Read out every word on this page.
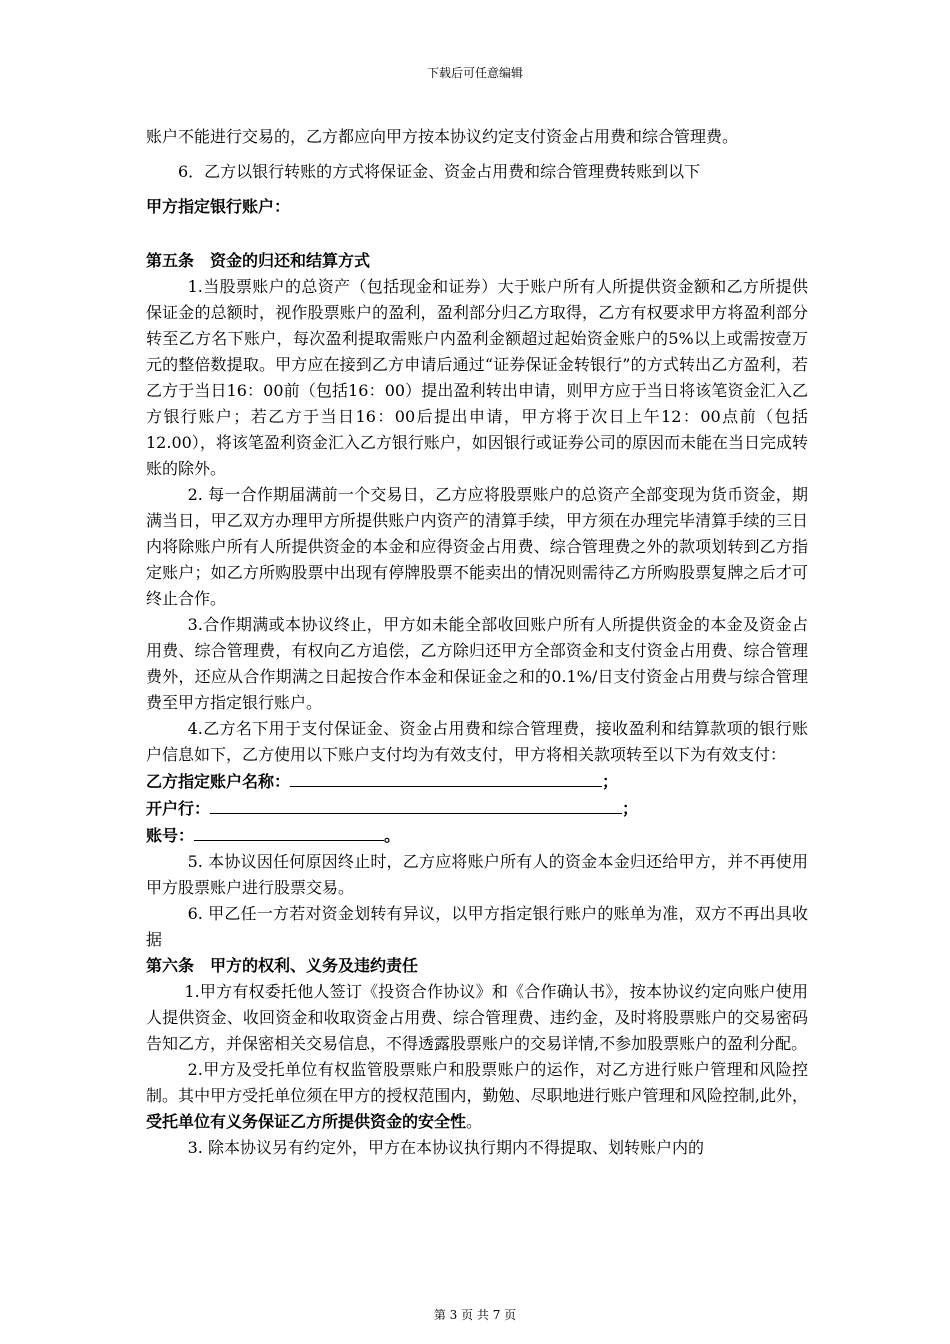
下载后可任意编辑

账户不能进行交易的，乙方都应向甲方按本协议约定支付资金占用费和综合管理费。

6．乙方以银行转账的方式将保证金、资金占用费和综合管理费转账到以下

甲方指定银行账户：

第五条　资金的归还和结算方式

1.当股票账户的总资产（包括现金和证券）大于账户所有人所提供资金额和乙方所提供保证金的总额时，视作股票账户的盈利，盈利部分归乙方取得，乙方有权要求甲方将盈利部分转至乙方名下账户，每次盈利提取需账户内盈利金额超过起始资金账户的5%以上或需按壹万元的整倍数提取。甲方应在接到乙方申请后通过“证券保证金转银行”的方式转出乙方盈利，若乙方于当日16：00前（包括16：00）提出盈利转出申请，则甲方应于当日将该笔资金汇入乙方银行账户；若乙方于当日16：00后提出申请，甲方将于次日上午12：00点前（包括12.00），将该笔盈利资金汇入乙方银行账户，如因银行或证券公司的原因而未能在当日完成转账的除外。

2. 每一合作期届满前一个交易日，乙方应将股票账户的总资产全部变现为货币资金，期满当日，甲乙双方办理甲方所提供账户内资产的清算手续，甲方须在办理完毕清算手续的三日内将除账户所有人所提供资金的本金和应得资金占用费、综合管理费之外的款项划转到乙方指定账户；如乙方所购股票中出现有停牌股票不能卖出的情况则需待乙方所购股票复牌之后才可终止合作。

3.合作期满或本协议终止，甲方如未能全部收回账户所有人所提供资金的本金及资金占用费、综合管理费，有权向乙方追偿，乙方除归还甲方全部资金和支付资金占用费、综合管理费外，还应从合作期满之日起按合作本金和保证金之和的0.1%/日支付资金占用费与综合管理费至甲方指定银行账户。

4.乙方名下用于支付保证金、资金占用费和综合管理费，接收盈利和结算款项的银行账户信息如下，乙方使用以下账户支付均为有效支付，甲方将相关款项转至以下为有效支付：

乙方指定账户名称：	；

开户行：	；

账号：	。

5. 本协议因任何原因终止时，乙方应将账户所有人的资金本金归还给甲方，并不再使用甲方股票账户进行股票交易。

6. 甲乙任一方若对资金划转有异议，以甲方指定银行账户的账单为准，双方不再出具收据

第六条　甲方的权利、义务及违约责任

1.甲方有权委托他人签订《投资合作协议》和《合作确认书》，按本协议约定向账户使用人提供资金、收回资金和收取资金占用费、综合管理费、违约金，及时将股票账户的交易密码告知乙方，并保密相关交易信息，不得透露股票账户的交易详情,不参加股票账户的盈利分配。

2.甲方及受托单位有权监管股票账户和股票账户的运作，对乙方进行账户管理和风险控制。其中甲方受托单位须在甲方的授权范围内，勤勉、尽职地进行账户管理和风险控制,此外，受托单位有义务保证乙方所提供资金的安全性。

3. 除本协议另有约定外，甲方在本协议执行期内不得提取、划转账户内的

第 3 页 共 7 页
